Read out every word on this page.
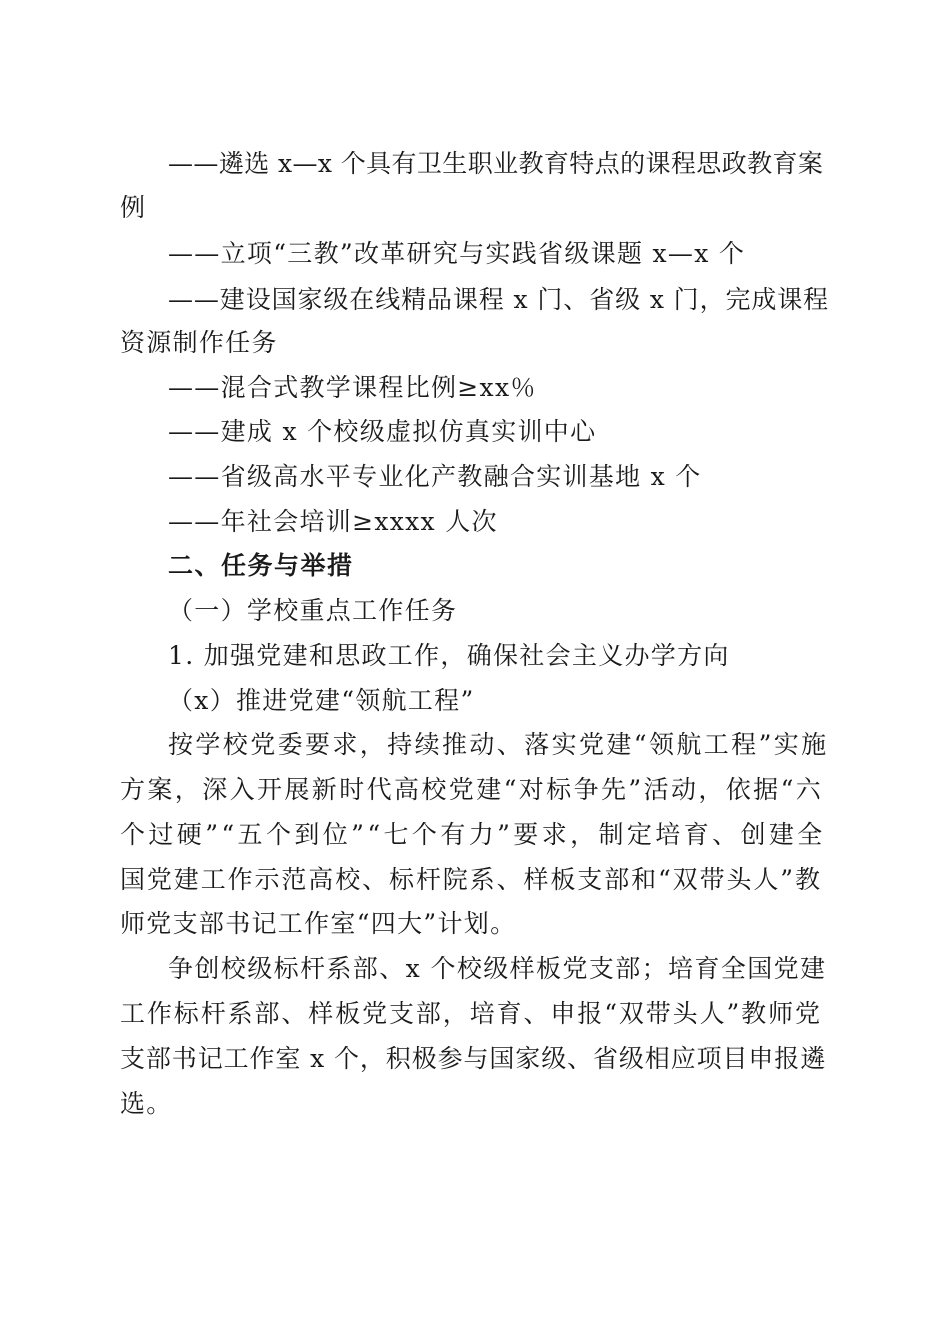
——遴选 x—x 个具有卫生职业教育特点的课程思政教育案
例
——立项“三教”改革研究与实践省级课题 x—x 个
——建设国家级在线精品课程 x 门、省级 x 门，完成课程
资源制作任务
——混合式教学课程比例≥xx％
——建成 x 个校级虚拟仿真实训中心
——省级高水平专业化产教融合实训基地 x 个
——年社会培训≥xxxx 人次
二、任务与举措
（一）学校重点工作任务
1. 加强党建和思政工作，确保社会主义办学方向
（x）推进党建“领航工程”
按学校党委要求，持续推动、落实党建“领航工程”实施
方案，深入开展新时代高校党建“对标争先”活动，依据“六
个过硬”“五个到位”“七个有力”要求，制定培育、创建全
国党建工作示范高校、标杆院系、样板支部和“双带头人”教
师党支部书记工作室“四大”计划。
争创校级标杆系部、x 个校级样板党支部；培育全国党建
工作标杆系部、样板党支部，培育、申报“双带头人”教师党
支部书记工作室 x 个，积极参与国家级、省级相应项目申报遴
选。
